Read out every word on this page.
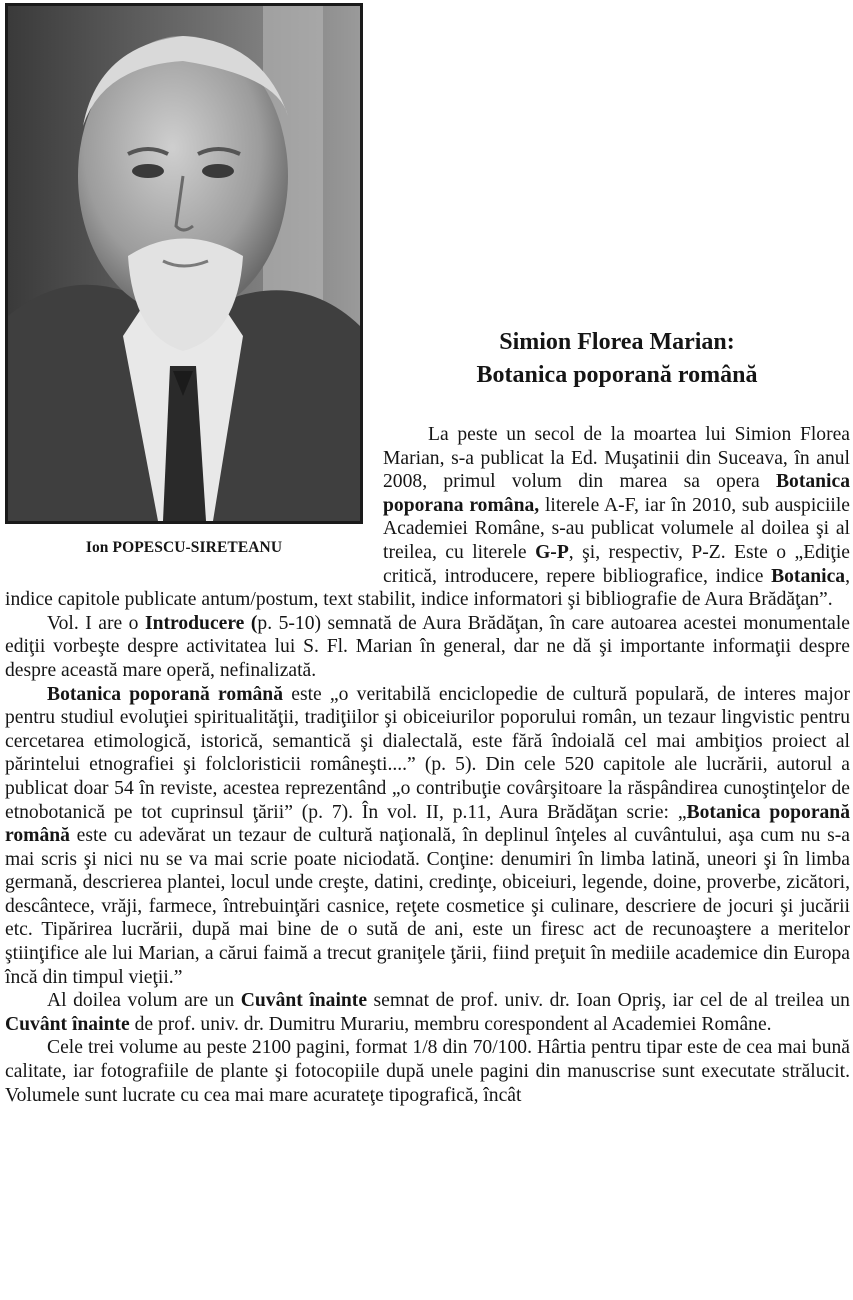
Ion POPESCU-SIRETEANU
Simion Florea Marian:
Botanica poporană română

La peste un secol de la moartea lui Simion Florea Marian, s-a publicat la Ed. Muşatinii din Suceava, în anul 2008, primul volum din marea sa opera Botanica poporana româna, literele A-F, iar în 2010, sub auspiciile Academiei Române, s-au publicat volumele al doilea şi al treilea, cu literele G-P, şi, respectiv, P-Z. Este o „Ediţie critică, introducere, repere bibliografice, indice Botanica, indice capitole publicate antum/postum, text stabilit, indice informatori şi bibliografie de Aura Brădăţan”.

Vol. I are o Introducere (p. 5-10) semnată de Aura Brădăţan, în care autoarea acestei monumentale ediţii vorbeşte despre activitatea lui S. Fl. Marian în general, dar ne dă şi importante informaţii despre despre această mare operă, nefinalizată.

Botanica poporană română este „o veritabilă enciclopedie de cultură populară, de interes major pentru studiul evoluţiei spiritualităţii, tradiţiilor şi obiceiurilor poporului român, un tezaur lingvistic pentru cercetarea etimologică, istorică, semantică şi dialectală, este fără îndoială cel mai ambiţios proiect al părintelui etnografiei şi folcloristicii româneşti....” (p. 5). Din cele 520 capitole ale lucrării, autorul a publicat doar 54 în reviste, acestea reprezentând „o contribuţie covârşitoare la răspândirea cunoştinţelor de etnobotanică pe tot cuprinsul ţării” (p. 7). În vol. II, p.11, Aura Brădăţan scrie: „Botanica poporană română este cu adevărat un tezaur de cultură naţională, în deplinul înţeles al cuvântului, aşa cum nu s-a mai scris şi nici nu se va mai scrie poate niciodată. Conţine: denumiri în limba latină, uneori şi în limba germană, descrierea plantei, locul unde creşte, datini, credinţe, obiceiuri, legende, doine, proverbe, zicători, descântece, vrăji, farmece, întrebuinţări casnice, reţete cosmetice şi culinare, descriere de jocuri şi jucării etc. Tipărirea lucrării, după mai bine de o sută de ani, este un firesc act de recunoaştere a meritelor ştiinţifice ale lui Marian, a cărui faimă a trecut graniţele ţării, fiind preţuit în mediile academice din Europa încă din timpul vieţii.”

Al doilea volum are un Cuvânt înainte semnat de prof. univ. dr. Ioan Opriş, iar cel de al treilea un Cuvânt înainte de prof. univ. dr. Dumitru Murariu, membru corespondent al Academiei Române.

Cele trei volume au peste 2100 pagini, format 1/8 din 70/100. Hârtia pentru tipar este de cea mai bună calitate, iar fotografiile de plante şi fotocopiile după unele pagini din manuscrise sunt executate strălucit. Volumele sunt lucrate cu cea mai mare acurateţe tipografică, încât
